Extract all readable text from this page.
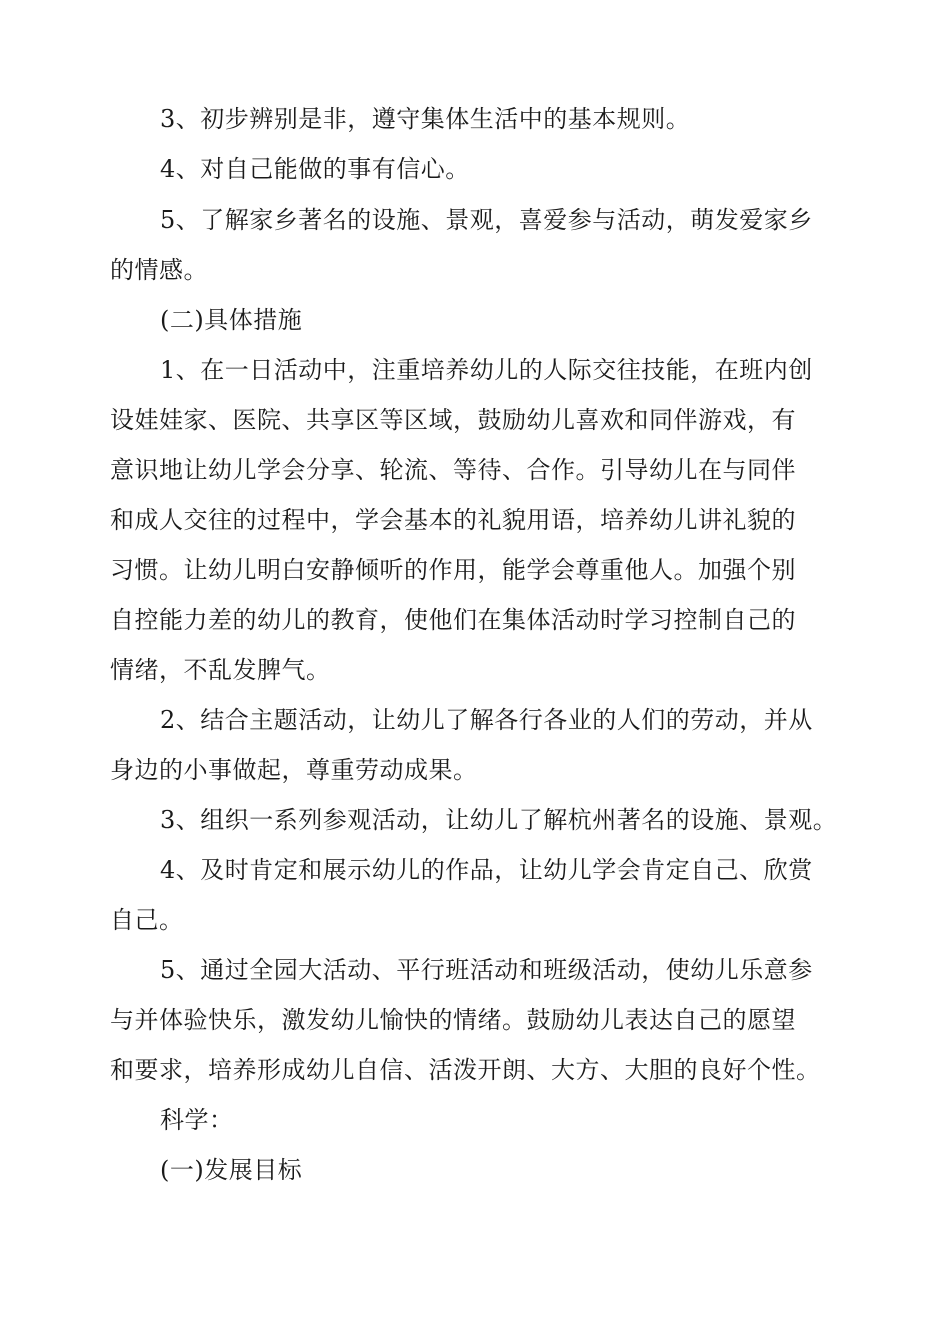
3、初步辨别是非，遵守集体生活中的基本规则。
4、对自己能做的事有信心。
5、了解家乡著名的设施、景观，喜爱参与活动，萌发爱家乡
的情感。
(二)具体措施
1、在一日活动中，注重培养幼儿的人际交往技能，在班内创
设娃娃家、医院、共享区等区域，鼓励幼儿喜欢和同伴游戏，有
意识地让幼儿学会分享、轮流、等待、合作。引导幼儿在与同伴
和成人交往的过程中，学会基本的礼貌用语，培养幼儿讲礼貌的
习惯。让幼儿明白安静倾听的作用，能学会尊重他人。加强个别
自控能力差的幼儿的教育，使他们在集体活动时学习控制自己的
情绪，不乱发脾气。
2、结合主题活动，让幼儿了解各行各业的人们的劳动，并从
身边的小事做起，尊重劳动成果。
3、组织一系列参观活动，让幼儿了解杭州著名的设施、景观。
4、及时肯定和展示幼儿的作品，让幼儿学会肯定自己、欣赏
自己。
5、通过全园大活动、平行班活动和班级活动，使幼儿乐意参
与并体验快乐，激发幼儿愉快的情绪。鼓励幼儿表达自己的愿望
和要求，培养形成幼儿自信、活泼开朗、大方、大胆的良好个性。
科学：
(一)发展目标
